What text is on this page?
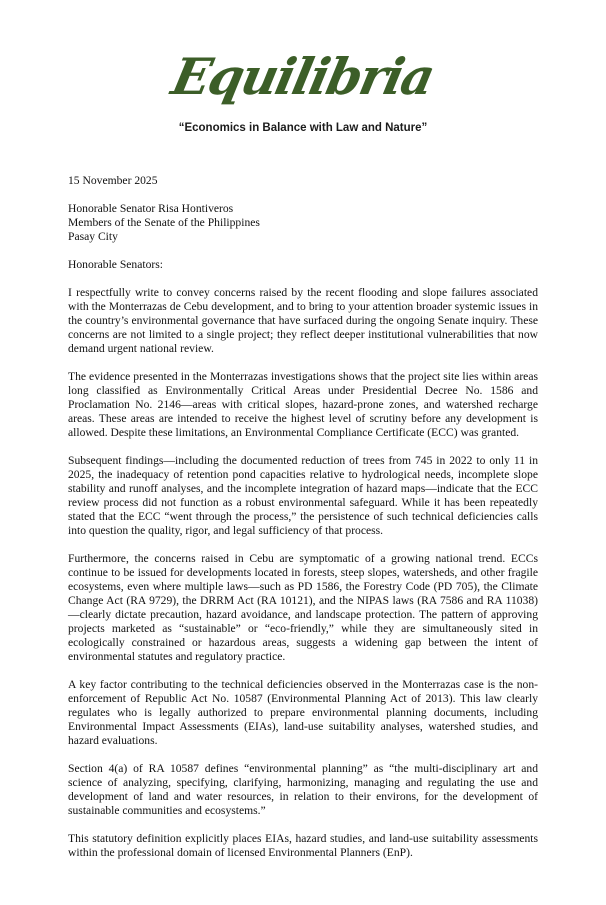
Equilibria
“Economics in Balance with Law and Nature”

15 November 2025

Honorable Senator Risa Hontiveros

Members of the Senate of the Philippines

Pasay City

Honorable Senators:

I respectfully write to convey concerns raised by the recent flooding and slope failures associated with the Monterrazas de Cebu development, and to bring to your attention broader systemic issues in the country’s environmental governance that have surfaced during the ongoing Senate inquiry. These concerns are not limited to a single project; they reflect deeper institutional vulnerabilities that now demand urgent national review.

The evidence presented in the Monterrazas investigations shows that the project site lies within areas long classified as Environmentally Critical Areas under Presidential Decree No. 1586 and Proclamation No. 2146—areas with critical slopes, hazard-prone zones, and watershed recharge areas. These areas are intended to receive the highest level of scrutiny before any development is allowed. Despite these limitations, an Environmental Compliance Certificate (ECC) was granted.

Subsequent findings—including the documented reduction of trees from 745 in 2022 to only 11 in 2025, the inadequacy of retention pond capacities relative to hydrological needs, incomplete slope stability and runoff analyses, and the incomplete integration of hazard maps—indicate that the ECC review process did not function as a robust environmental safeguard. While it has been repeatedly stated that the ECC “went through the process,” the persistence of such technical deficiencies calls into question the quality, rigor, and legal sufficiency of that process.

Furthermore, the concerns raised in Cebu are symptomatic of a growing national trend. ECCs continue to be issued for developments located in forests, steep slopes, watersheds, and other fragile ecosystems, even where multiple laws—such as PD 1586, the Forestry Code (PD 705), the Climate Change Act (RA 9729), the DRRM Act (RA 10121), and the NIPAS laws (RA 7586 and RA 11038)—clearly dictate precaution, hazard avoidance, and landscape protection. The pattern of approving projects marketed as “sustainable” or “eco-friendly,” while they are simultaneously sited in ecologically constrained or hazardous areas, suggests a widening gap between the intent of environmental statutes and regulatory practice.

A key factor contributing to the technical deficiencies observed in the Monterrazas case is the non-enforcement of Republic Act No. 10587 (Environmental Planning Act of 2013). This law clearly regulates who is legally authorized to prepare environmental planning documents, including Environmental Impact Assessments (EIAs), land-use suitability analyses, watershed studies, and hazard evaluations.

Section 4(a) of RA 10587 defines “environmental planning” as “the multi-disciplinary art and science of analyzing, specifying, clarifying, harmonizing, managing and regulating the use and development of land and water resources, in relation to their environs, for the development of sustainable communities and ecosystems.”

This statutory definition explicitly places EIAs, hazard studies, and land-use suitability assessments within the professional domain of licensed Environmental Planners (EnP).
